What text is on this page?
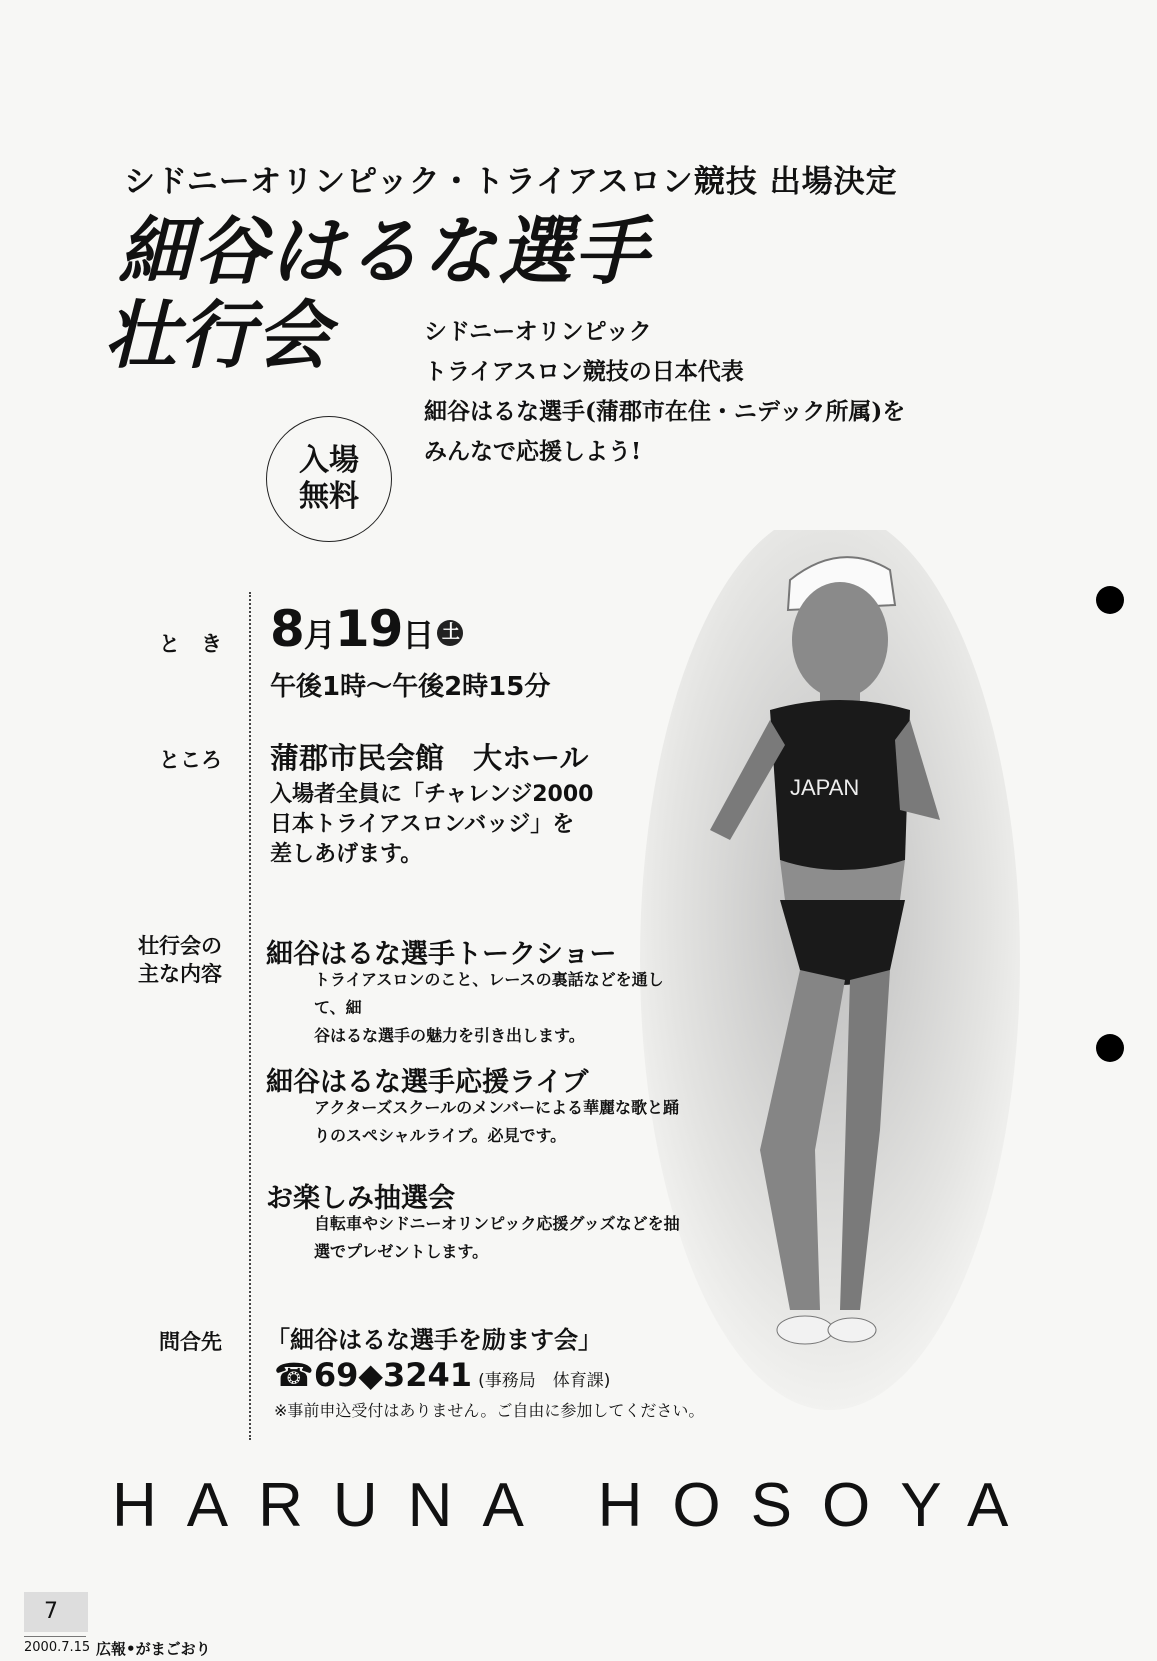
シドニーオリンピック・トライアスロン競技 出場決定
細谷はるな選手
壮行会	シドニーオリンピック
トライアスロン競技の日本代表
細谷はるな選手(蒲郡市在住・ニデック所属)を
みんなで応援しよう!
入場
無料
JAPAN
と　き 8月19日 土
午後1時〜午後2時15分
ところ 蒲郡市民会館　大ホール
入場者全員に「チャレンジ2000
日本トライアスロンバッジ」を
差しあげます。
壮行会の
主な内容
細谷はるな選手トークショー
トライアスロンのこと、レースの裏話などを通して、細
谷はるな選手の魅力を引き出します。
細谷はるな選手応援ライブ
アクターズスクールのメンバーによる華麗な歌と踊
りのスペシャルライブ。必見です。
お楽しみ抽選会
自転車やシドニーオリンピック応援グッズなどを抽
選でプレゼントします。
問合先 「細谷はるな選手を励ます会」
☎69◆3241 (事務局　体育課)
※事前申込受付はありません。ご自由に参加してください。
HARUNA HOSOYA
7
2000.7.15 広報•がまごおり
